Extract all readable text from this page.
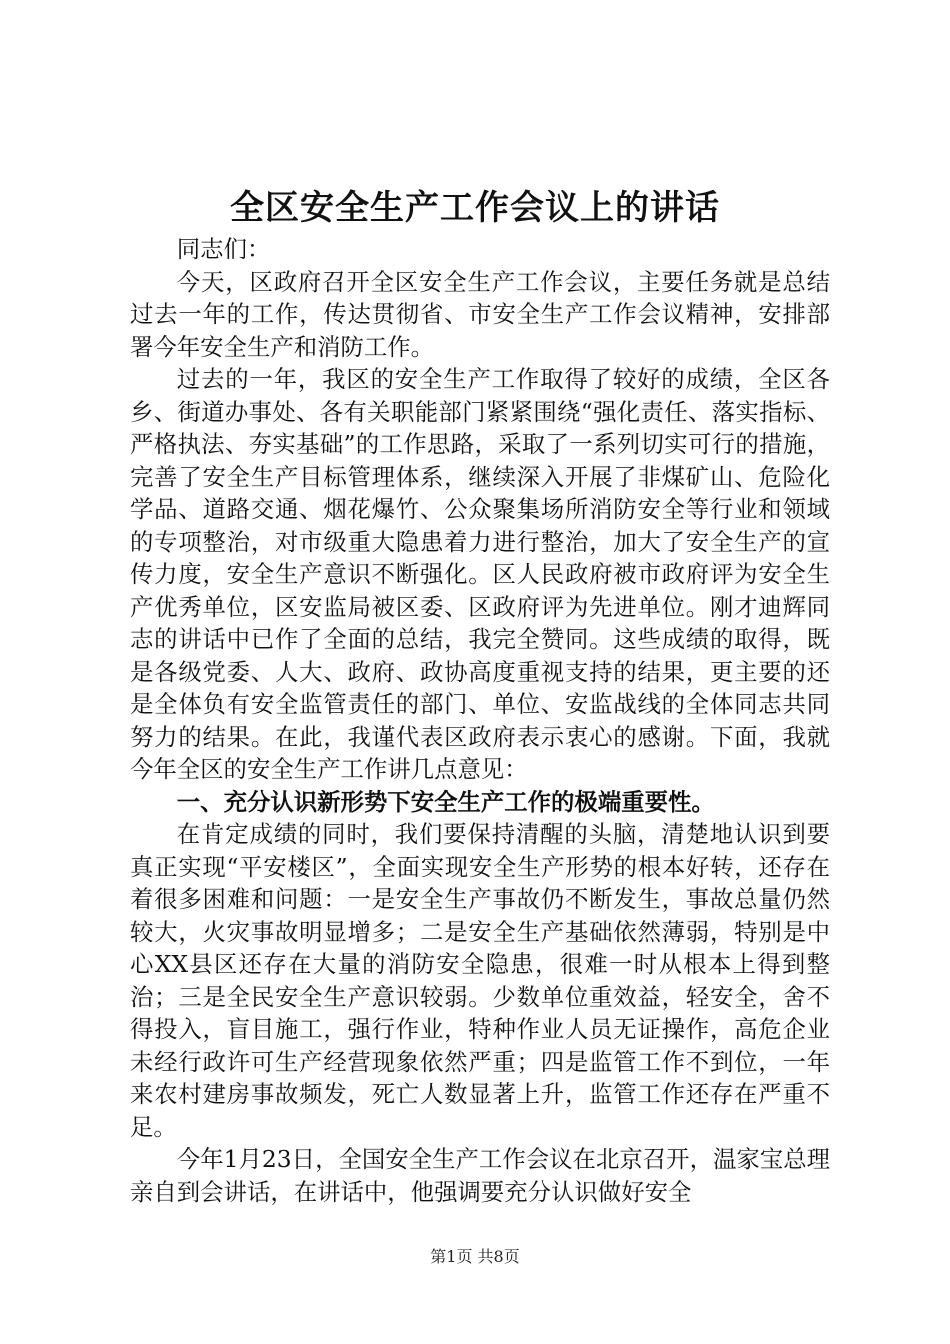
全区安全生产工作会议上的讲话

同志们：

今天，区政府召开全区安全生产工作会议，主要任务就是总结过去一年的工作，传达贯彻省、市安全生产工作会议精神，安排部署今年安全生产和消防工作。

过去的一年，我区的安全生产工作取得了较好的成绩，全区各乡、街道办事处、各有关职能部门紧紧围绕“强化责任、落实指标、严格执法、夯实基础”的工作思路，采取了一系列切实可行的措施，完善了安全生产目标管理体系，继续深入开展了非煤矿山、危险化学品、道路交通、烟花爆竹、公众聚集场所消防安全等行业和领域的专项整治，对市级重大隐患着力进行整治，加大了安全生产的宣传力度，安全生产意识不断强化。区人民政府被市政府评为安全生产优秀单位，区安监局被区委、区政府评为先进单位。刚才迪辉同志的讲话中已作了全面的总结，我完全赞同。这些成绩的取得，既是各级党委、人大、政府、政协高度重视支持的结果，更主要的还是全体负有安全监管责任的部门、单位、安监战线的全体同志共同努力的结果。在此，我谨代表区政府表示衷心的感谢。下面，我就今年全区的安全生产工作讲几点意见：

一、充分认识新形势下安全生产工作的极端重要性。

在肯定成绩的同时，我们要保持清醒的头脑，清楚地认识到要真正实现“平安楼区”，全面实现安全生产形势的根本好转，还存在着很多困难和问题：一是安全生产事故仍不断发生，事故总量仍然较大，火灾事故明显增多；二是安全生产基础依然薄弱，特别是中心XX县区还存在大量的消防安全隐患，很难一时从根本上得到整治；三是全民安全生产意识较弱。少数单位重效益，轻安全，舍不得投入，盲目施工，强行作业，特种作业人员无证操作，高危企业未经行政许可生产经营现象依然严重；四是监管工作不到位，一年来农村建房事故频发，死亡人数显著上升，监管工作还存在严重不足。

今年1月23日，全国安全生产工作会议在北京召开，温家宝总理亲自到会讲话，在讲话中，他强调要充分认识做好安全

第1页 共8页
